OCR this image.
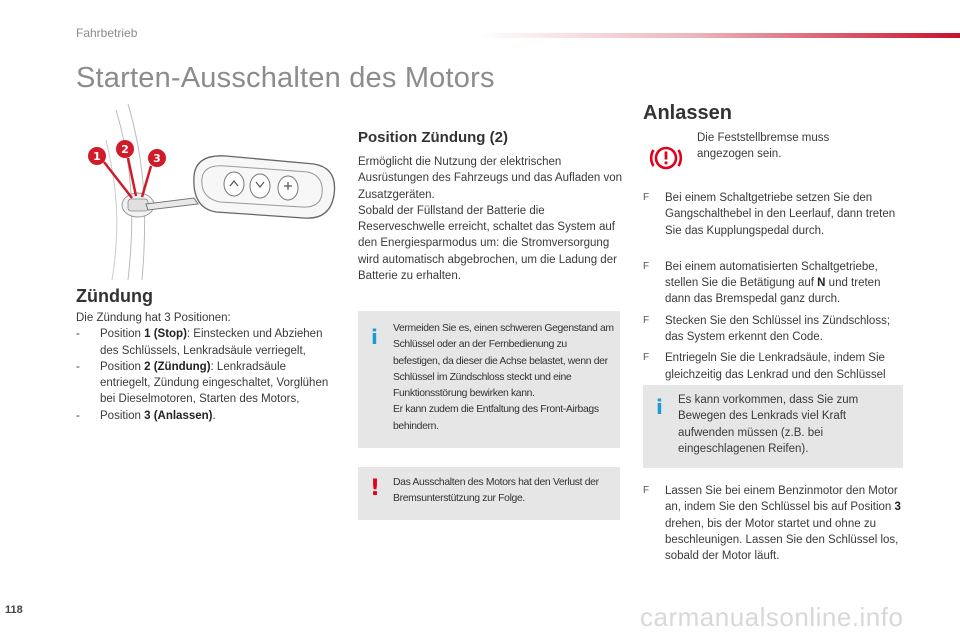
Fahrbetrieb
Starten-Ausschalten des Motors
1
2
3
Zündung
Die Zündung hat 3 Positionen:
- Position 1 (Stop): Einstecken und Abziehen des Schlüssels, Lenkradsäule verriegelt,
- Position 2 (Zündung): Lenkradsäule entriegelt, Zündung eingeschaltet, Vorglühen bei Dieselmotoren, Starten des Motors,
- Position 3 (Anlassen).
Position Zündung (2)
Ermöglicht die Nutzung der elektrischen Ausrüstungen des Fahrzeugs und das Aufladen von Zusatzgeräten.
Sobald der Füllstand der Batterie die Reserveschwelle erreicht, schaltet das System auf den Energiesparmodus um: die Stromversorgung wird automatisch abgebrochen, um die Ladung der Batterie zu erhalten.
i Vermeiden Sie es, einen schweren Gegenstand am Schlüssel oder an der Fernbedienung zu befestigen, da dieser die Achse belastet, wenn der Schlüssel im Zündschloss steckt und eine Funktionsstörung bewirken kann.
Er kann zudem die Entfaltung des Front-Airbags behindern.
! Das Ausschalten des Motors hat den Verlust der Bremsunterstützung zur Folge.
Anlassen
Die Feststellbremse muss angezogen sein.
F Bei einem Schaltgetriebe setzen Sie den Gangschalthebel in den Leerlauf, dann treten Sie das Kupplungspedal durch.
F Bei einem automatisierten Schaltgetriebe, stellen Sie die Betätigung auf N und treten dann das Bremspedal ganz durch.
F Stecken Sie den Schlüssel ins Zündschloss; das System erkennt den Code.
F Entriegeln Sie die Lenkradsäule, indem Sie gleichzeitig das Lenkrad und den Schlüssel
i Es kann vorkommen, dass Sie zum Bewegen des Lenkrads viel Kraft aufwenden müssen (z.B. bei eingeschlagenen Reifen).
F Lassen Sie bei einem Benzinmotor den Motor an, indem Sie den Schlüssel bis auf Position 3 drehen, bis der Motor startet und ohne zu beschleunigen. Lassen Sie den Schlüssel los, sobald der Motor läuft.
118	carmanualsonline.info
